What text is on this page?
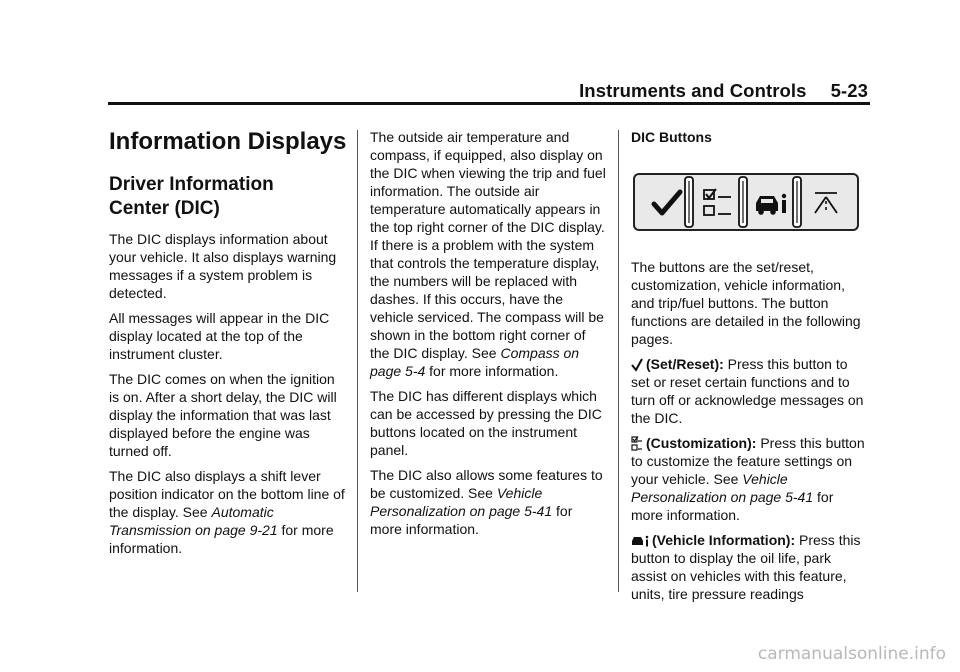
Instruments and Controls 5-23
Information Displays
Driver Information
Center (DIC)

The DIC displays information about your vehicle. It also displays warning messages if a system problem is detected.

All messages will appear in the DIC display located at the top of the instrument cluster.

The DIC comes on when the ignition is on. After a short delay, the DIC will display the information that was last displayed before the engine was turned off.

The DIC also displays a shift lever position indicator on the bottom line of the display. See Automatic Transmission on page 9-21 for more information.

The outside air temperature and compass, if equipped, also display on the DIC when viewing the trip and fuel information. The outside air temperature automatically appears in the top right corner of the DIC display. If there is a problem with the system that controls the temperature display, the numbers will be replaced with dashes. If this occurs, have the vehicle serviced. The compass will be shown in the bottom right corner of the DIC display. See Compass on page 5-4 for more information.

The DIC has different displays which can be accessed by pressing the DIC buttons located on the instrument panel.

The DIC also allows some features to be customized. See Vehicle Personalization on page 5-41 for more information.

DIC Buttons

The buttons are the set/reset, customization, vehicle information, and trip/fuel buttons. The button functions are detailed in the following pages.

(Set/Reset): Press this button to set or reset certain functions and to turn off or acknowledge messages on the DIC.

(Customization): Press this button to customize the feature settings on your vehicle. See Vehicle Personalization on page 5-41 for more information.

(Vehicle Information): Press this button to display the oil life, park assist on vehicles with this feature, units, tire pressure readings

carmanualsonline.info
